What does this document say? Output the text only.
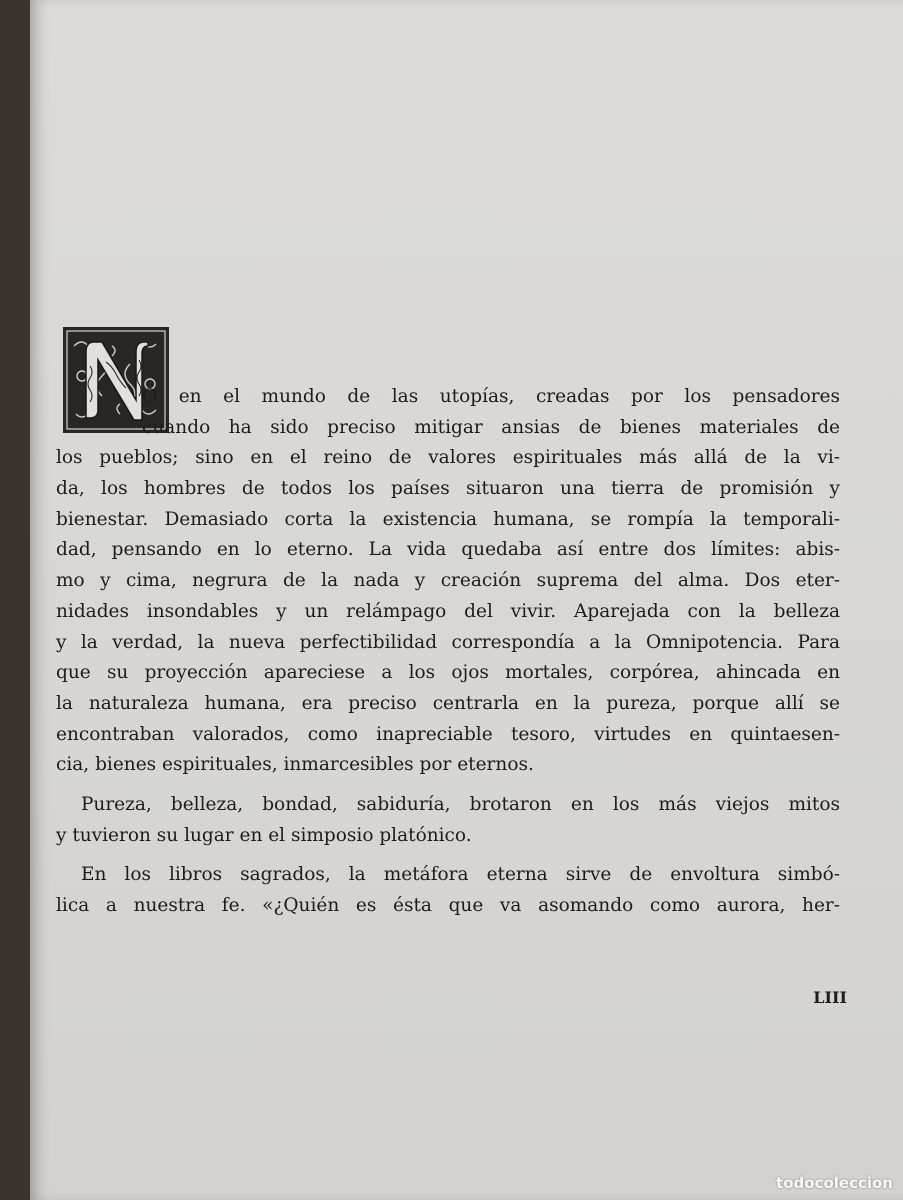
O en el mundo de las utopías, creadas por los pensadores
cuando ha sido preciso mitigar ansias de bienes materiales de
los pueblos; sino en el reino de valores espirituales más allá de la vi-
da, los hombres de todos los países situaron una tierra de promisión y
bienestar. Demasiado corta la existencia humana, se rompía la temporali-
dad, pensando en lo eterno. La vida quedaba así entre dos límites: abis-
mo y cima, negrura de la nada y creación suprema del alma. Dos eter-
nidades insondables y un relámpago del vivir. Aparejada con la belleza
y la verdad, la nueva perfectibilidad correspondía a la Omnipotencia. Para
que su proyección apareciese a los ojos mortales, corpórea, ahincada en
la naturaleza humana, era preciso centrarla en la pureza, porque allí se
encontraban valorados, como inapreciable tesoro, virtudes en quintaesen-
cia, bienes espirituales, inmarcesibles por eternos.
Pureza, belleza, bondad, sabiduría, brotaron en los más viejos mitos
y tuvieron su lugar en el simposio platónico.
En los libros sagrados, la metáfora eterna sirve de envoltura simbó-
lica a nuestra fe. «¿Quién es ésta que va asomando como aurora, her-
LIII
todocoleccion
